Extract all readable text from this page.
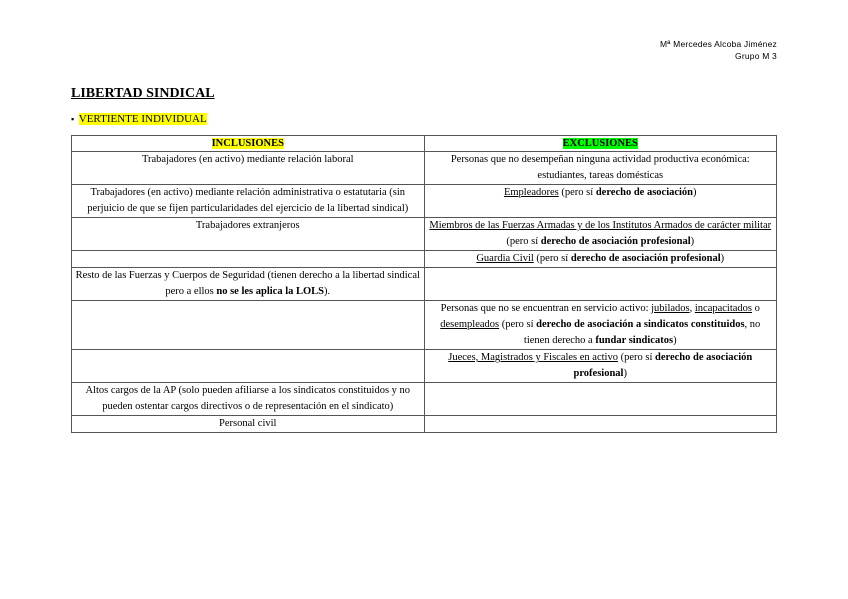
Mª Mercedes Alcoba Jiménez
Grupo M 3
LIBERTAD SINDICAL
▪ VERTIENTE INDIVIDUAL
INCLUSIONES	EXCLUSIONES
Trabajadores (en activo) mediante relación laboral	Personas que no desempeñan ninguna actividad productiva económica: estudiantes, tareas domésticas
Trabajadores (en activo) mediante relación administrativa o estatutaria (sin perjuicio de que se fijen particularidades del ejercicio de la libertad sindical)	Empleadores (pero sí derecho de asociación)
Trabajadores extranjeros	Miembros de las Fuerzas Armadas y de los Institutos Armados de carácter militar (pero sí derecho de asociación profesional)
	Guardia Civil (pero sí derecho de asociación profesional)
Resto de las Fuerzas y Cuerpos de Seguridad (tienen derecho a la libertad sindical pero a ellos no se les aplica la LOLS).	
	Personas que no se encuentran en servicio activo: jubilados, incapacitados o desempleados (pero sí derecho de asociación a sindicatos constituidos, no tienen derecho a fundar sindicatos)
	Jueces, Magistrados y Fiscales en activo (pero sí derecho de asociación profesional)
Altos cargos de la AP (solo pueden afiliarse a los sindicatos constituidos y no pueden ostentar cargos directivos o de representación en el sindicato)	
Personal civil	
